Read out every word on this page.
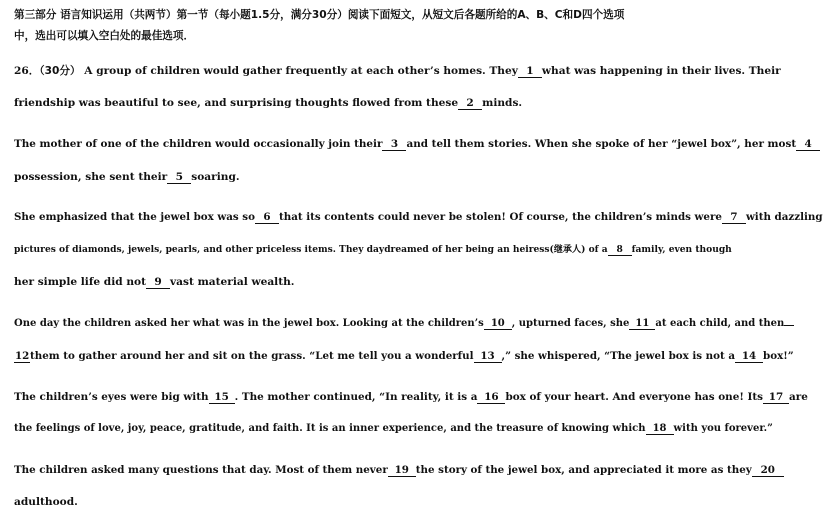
第三部分 语言知识运用（共两节）第一节（每小题1.5分，满分30分）阅读下面短文，从短文后各题所给的A、B、C和D四个选项
中，选出可以填入空白处的最佳选项．
26．（30分） A group of children would gather frequently at each other’s homes. They 1 what was happening in their lives. Their
friendship was beautiful to see, and surprising thoughts flowed from these 2 minds.
The mother of one of the children would occasionally join their 3 and tell them stories. When she spoke of her “jewel box”, her most 4
possession, she sent their 5 soaring.
She emphasized that the jewel box was so 6 that its contents could never be stolen! Of course, the children’s minds were 7 with dazzling
pictures of diamonds, jewels, pearls, and other priceless items. They daydreamed of her being an heiress(继承人) of a 8 family, even though
her simple life did not 9 vast material wealth.
One day the children asked her what was in the jewel box. Looking at the children’s 10 , upturned faces, she 11 at each child, and then
12them to gather around her and sit on the grass. “Let me tell you a wonderful 13 ,” she whispered, “The jewel box is not a 14 box!”
The children’s eyes were big with 15 . The mother continued, “In reality, it is a 16 box of your heart. And everyone has one! Its 17 are
the feelings of love, joy, peace, gratitude, and faith. It is an inner experience, and the treasure of knowing which 18 with you forever.”
The children asked many questions that day. Most of them never 19 the story of the jewel box, and appreciated it more as they 20
adulthood.
